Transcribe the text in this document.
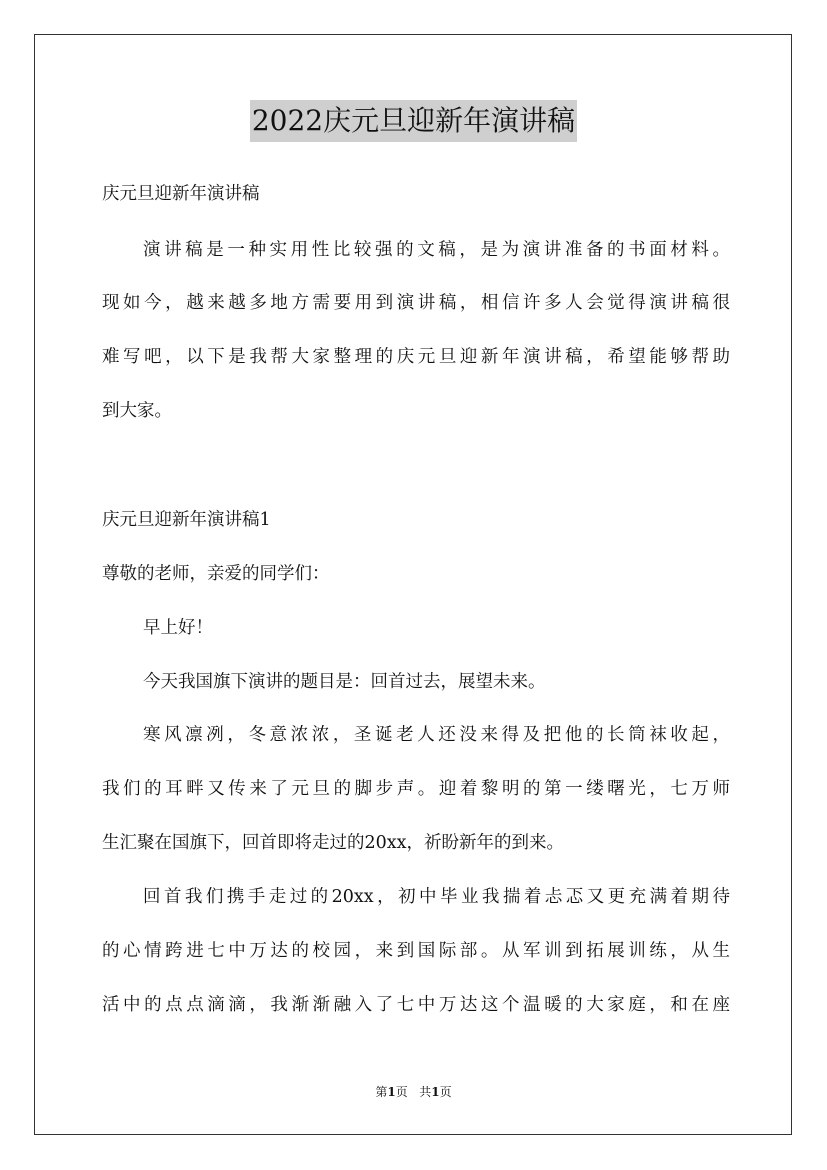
2022庆元旦迎新年演讲稿

庆元旦迎新年演讲稿

演讲稿是一种实用性比较强的文稿，是为演讲准备的书面材料。

现如今，越来越多地方需要用到演讲稿，相信许多人会觉得演讲稿很

难写吧，以下是我帮大家整理的庆元旦迎新年演讲稿，希望能够帮助

到大家。

庆元旦迎新年演讲稿1

尊敬的老师，亲爱的同学们：

早上好！

今天我国旗下演讲的题目是：回首过去，展望未来。

寒风凛冽，冬意浓浓，圣诞老人还没来得及把他的长筒袜收起，

我们的耳畔又传来了元旦的脚步声。迎着黎明的第一缕曙光，七万师

生汇聚在国旗下，回首即将走过的20xx，祈盼新年的到来。

回首我们携手走过的20xx，初中毕业我揣着忐忑又更充满着期待

的心情跨进七中万达的校园，来到国际部。从军训到拓展训练，从生

活中的点点滴滴，我渐渐融入了七中万达这个温暖的大家庭，和在座

第1页 共1页
